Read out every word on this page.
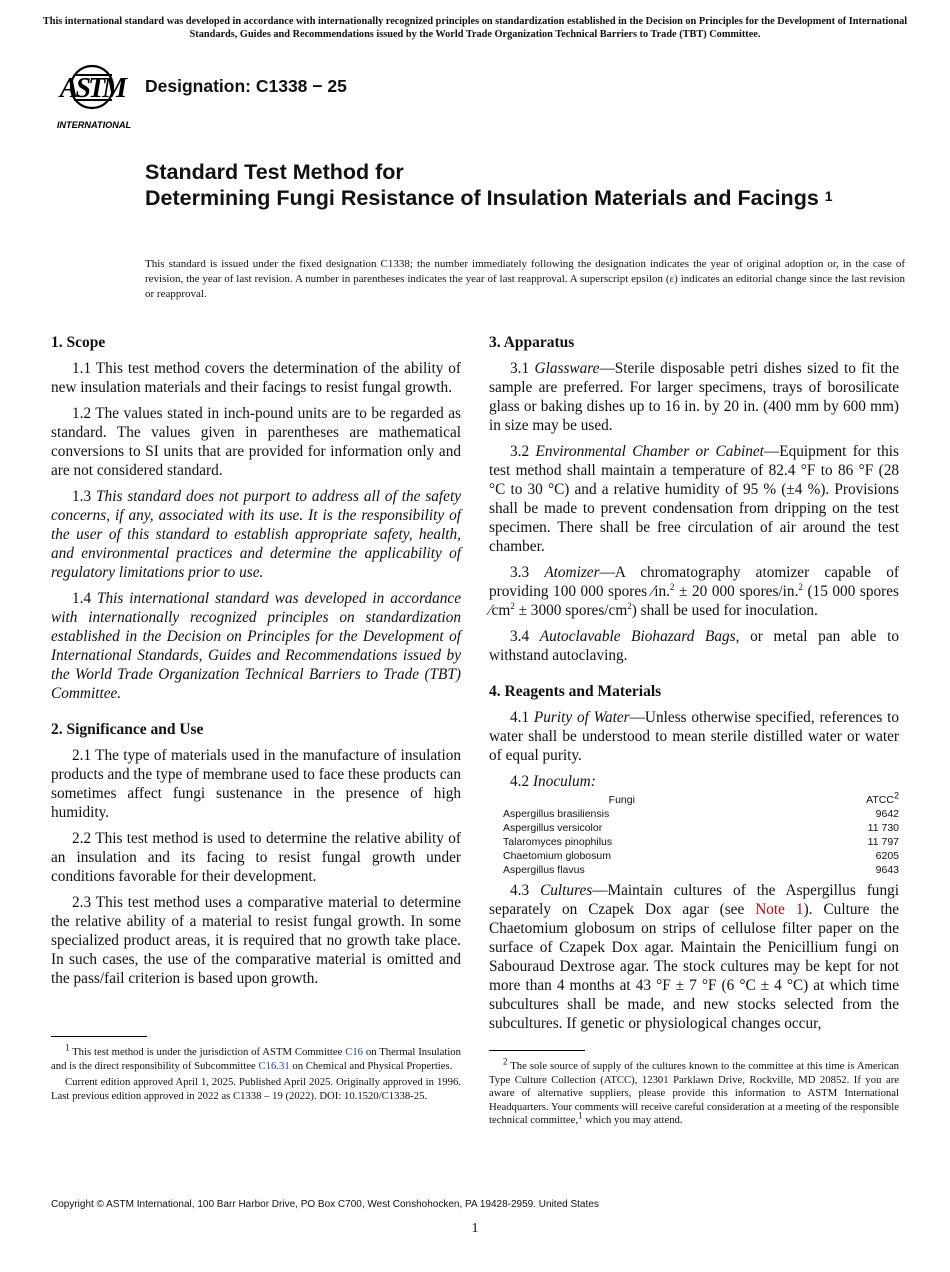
This international standard was developed in accordance with internationally recognized principles on standardization established in the Decision on Principles for the Development of International Standards, Guides and Recommendations issued by the World Trade Organization Technical Barriers to Trade (TBT) Committee.
ASTM
INTERNATIONAL
Designation: C1338 − 25
Standard Test Method for
Determining Fungi Resistance of Insulation Materials and Facings $^1$
This standard is issued under the fixed designation C1338; the number immediately following the designation indicates the year of original adoption or, in the case of revision, the year of last revision. A number in parentheses indicates the year of last reapproval. A superscript epsilon (ε) indicates an editorial change since the last revision or reapproval.
1. Scope

1.1 This test method covers the determination of the ability of new insulation materials and their facings to resist fungal growth.

1.2 The values stated in inch-pound units are to be regarded as standard. The values given in parentheses are mathematical conversions to SI units that are provided for information only and are not considered standard.

1.3 This standard does not purport to address all of the safety concerns, if any, associated with its use. It is the responsibility of the user of this standard to establish appropriate safety, health, and environmental practices and determine the applicability of regulatory limitations prior to use.

1.4 This international standard was developed in accordance with internationally recognized principles on standardization established in the Decision on Principles for the Development of International Standards, Guides and Recommendations issued by the World Trade Organization Technical Barriers to Trade (TBT) Committee.

2. Significance and Use

2.1 The type of materials used in the manufacture of insulation products and the type of membrane used to face these products can sometimes affect fungi sustenance in the presence of high humidity.

2.2 This test method is used to determine the relative ability of an insulation and its facing to resist fungal growth under conditions favorable for their development.

2.3 This test method uses a comparative material to determine the relative ability of a material to resist fungal growth. In some specialized product areas, it is required that no growth take place. In such cases, the use of the comparative material is omitted and the pass/fail criterion is based upon growth.

3. Apparatus

3.1 Glassware—Sterile disposable petri dishes sized to fit the sample are preferred. For larger specimens, trays of borosilicate glass or baking dishes up to 16 in. by 20 in. (400 mm by 600 mm) in size may be used.

3.2 Environmental Chamber or Cabinet—Equipment for this test method shall maintain a temperature of 82.4 °F to 86 °F (28 °C to 30 °C) and a relative humidity of 95 % (±4 %). Provisions shall be made to prevent condensation from dripping on the test specimen. There shall be free circulation of air around the test chamber.

3.3 Atomizer—A chromatography atomizer capable of providing 100 000 spores ⁄in.$^2$ ± 20 000 spores/in.$^2$ (15 000 spores $⁄cm^2 \pm 3000$ spores/$cm^2$) shall be used for inoculation.

3.4 Autoclavable Biohazard Bags, or metal pan able to withstand autoclaving.

4. Reagents and Materials

4.1 Purity of Water—Unless otherwise specified, references to water shall be understood to mean sterile distilled water or water of equal purity.

4.2 Inoculum:

Fungi	ATCC$^2$
Aspergillus brasiliensis	9642
Aspergillus versicolor	11 730
Talaromyces pinophilus	11 797
Chaetomium globosum	6205
Aspergillus flavus	9643

4.3 Cultures—Maintain cultures of the Aspergillus fungi separately on Czapek Dox agar (see Note 1). Culture the Chaetomium globosum on strips of cellulose filter paper on the surface of Czapek Dox agar. Maintain the Penicillium fungi on Sabouraud Dextrose agar. The stock cultures may be kept for not more than 4 months at 43 °F ± 7 °F (6 °C ± 4 °C) at which time subcultures shall be made, and new stocks selected from the subcultures. If genetic or physiological changes occur,

$^1$ This test method is under the jurisdiction of ASTM Committee C16 on Thermal Insulation and is the direct responsibility of Subcommittee C16.31 on Chemical and Physical Properties.

Current edition approved April 1, 2025. Published April 2025. Originally approved in 1996. Last previous edition approved in 2022 as C1338 – 19 (2022). DOI: 10.1520/C1338-25.

$^2$ The sole source of supply of the cultures known to the committee at this time is American Type Culture Collection (ATCC), 12301 Parklawn Drive, Rockville, MD 20852. If you are aware of alternative suppliers, please provide this information to ASTM International Headquarters. Your comments will receive careful consideration at a meeting of the responsible technical committee,$^1$ which you may attend.

Copyright © ASTM International, 100 Barr Harbor Drive, PO Box C700, West Conshohocken, PA 19428-2959. United States
1
